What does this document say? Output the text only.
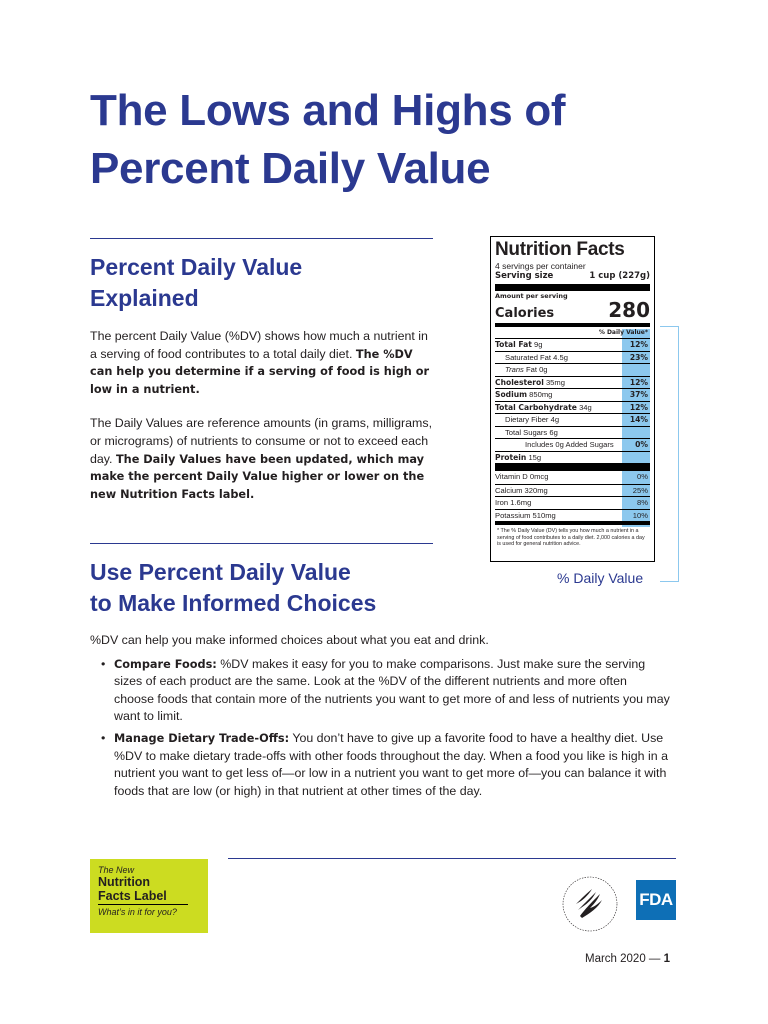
The Lows and Highs of
Percent Daily Value
Percent Daily Value
Explained

The percent Daily Value (%DV) shows how much a nutrient in a serving of food contributes to a total daily diet. The %DV can help you determine if a serving of food is high or low in a nutrient.

The Daily Values are reference amounts (in grams, milligrams, or micrograms) of nutrients to consume or not to exceed each day. The Daily Values have been updated, which may make the percent Daily Value higher or lower on the new Nutrition Facts label.

Use Percent Daily Value
to Make Informed Choices

%DV can help you make informed choices about what you eat and drink.

• Compare Foods: %DV makes it easy for you to make comparisons. Just make sure the serving sizes of each product are the same. Look at the %DV of the different nutrients and more often choose foods that contain more of the nutrients you want to get more of and less of nutrients you may want to limit.
• Manage Dietary Trade-Offs: You don’t have to give up a favorite food to have a healthy diet. Use %DV to make dietary trade-offs with other foods throughout the day. When a food you like is high in a nutrient you want to get less of—or low in a nutrient you want to get more of—you can balance it with foods that are low (or high) in that nutrient at other times of the day.
Nutrition Facts
4 servings per container
Serving size	1 cup (227g)
Amount per serving
Calories	280
% Daily Value*
Total Fat 9g	12%
Saturated Fat 4.5g	23%
Trans Fat 0g
Cholesterol 35mg	12%
Sodium 850mg	37%
Total Carbohydrate 34g	12%
Dietary Fiber 4g	14%
Total Sugars 6g
Includes 0g Added Sugars	0%
Protein 15g
Vitamin D 0mcg	0%
Calcium 320mg	25%
Iron 1.6mg	8%
Potassium 510mg	10%
* The % Daily Value (DV) tells you how much a nutrient in a serving of food contributes to a daily diet. 2,000 calories a day is used for general nutrition advice.
% Daily Value
The New
Nutrition
Facts Label
What’s in it for you?
FDA
March 2020 — 1
